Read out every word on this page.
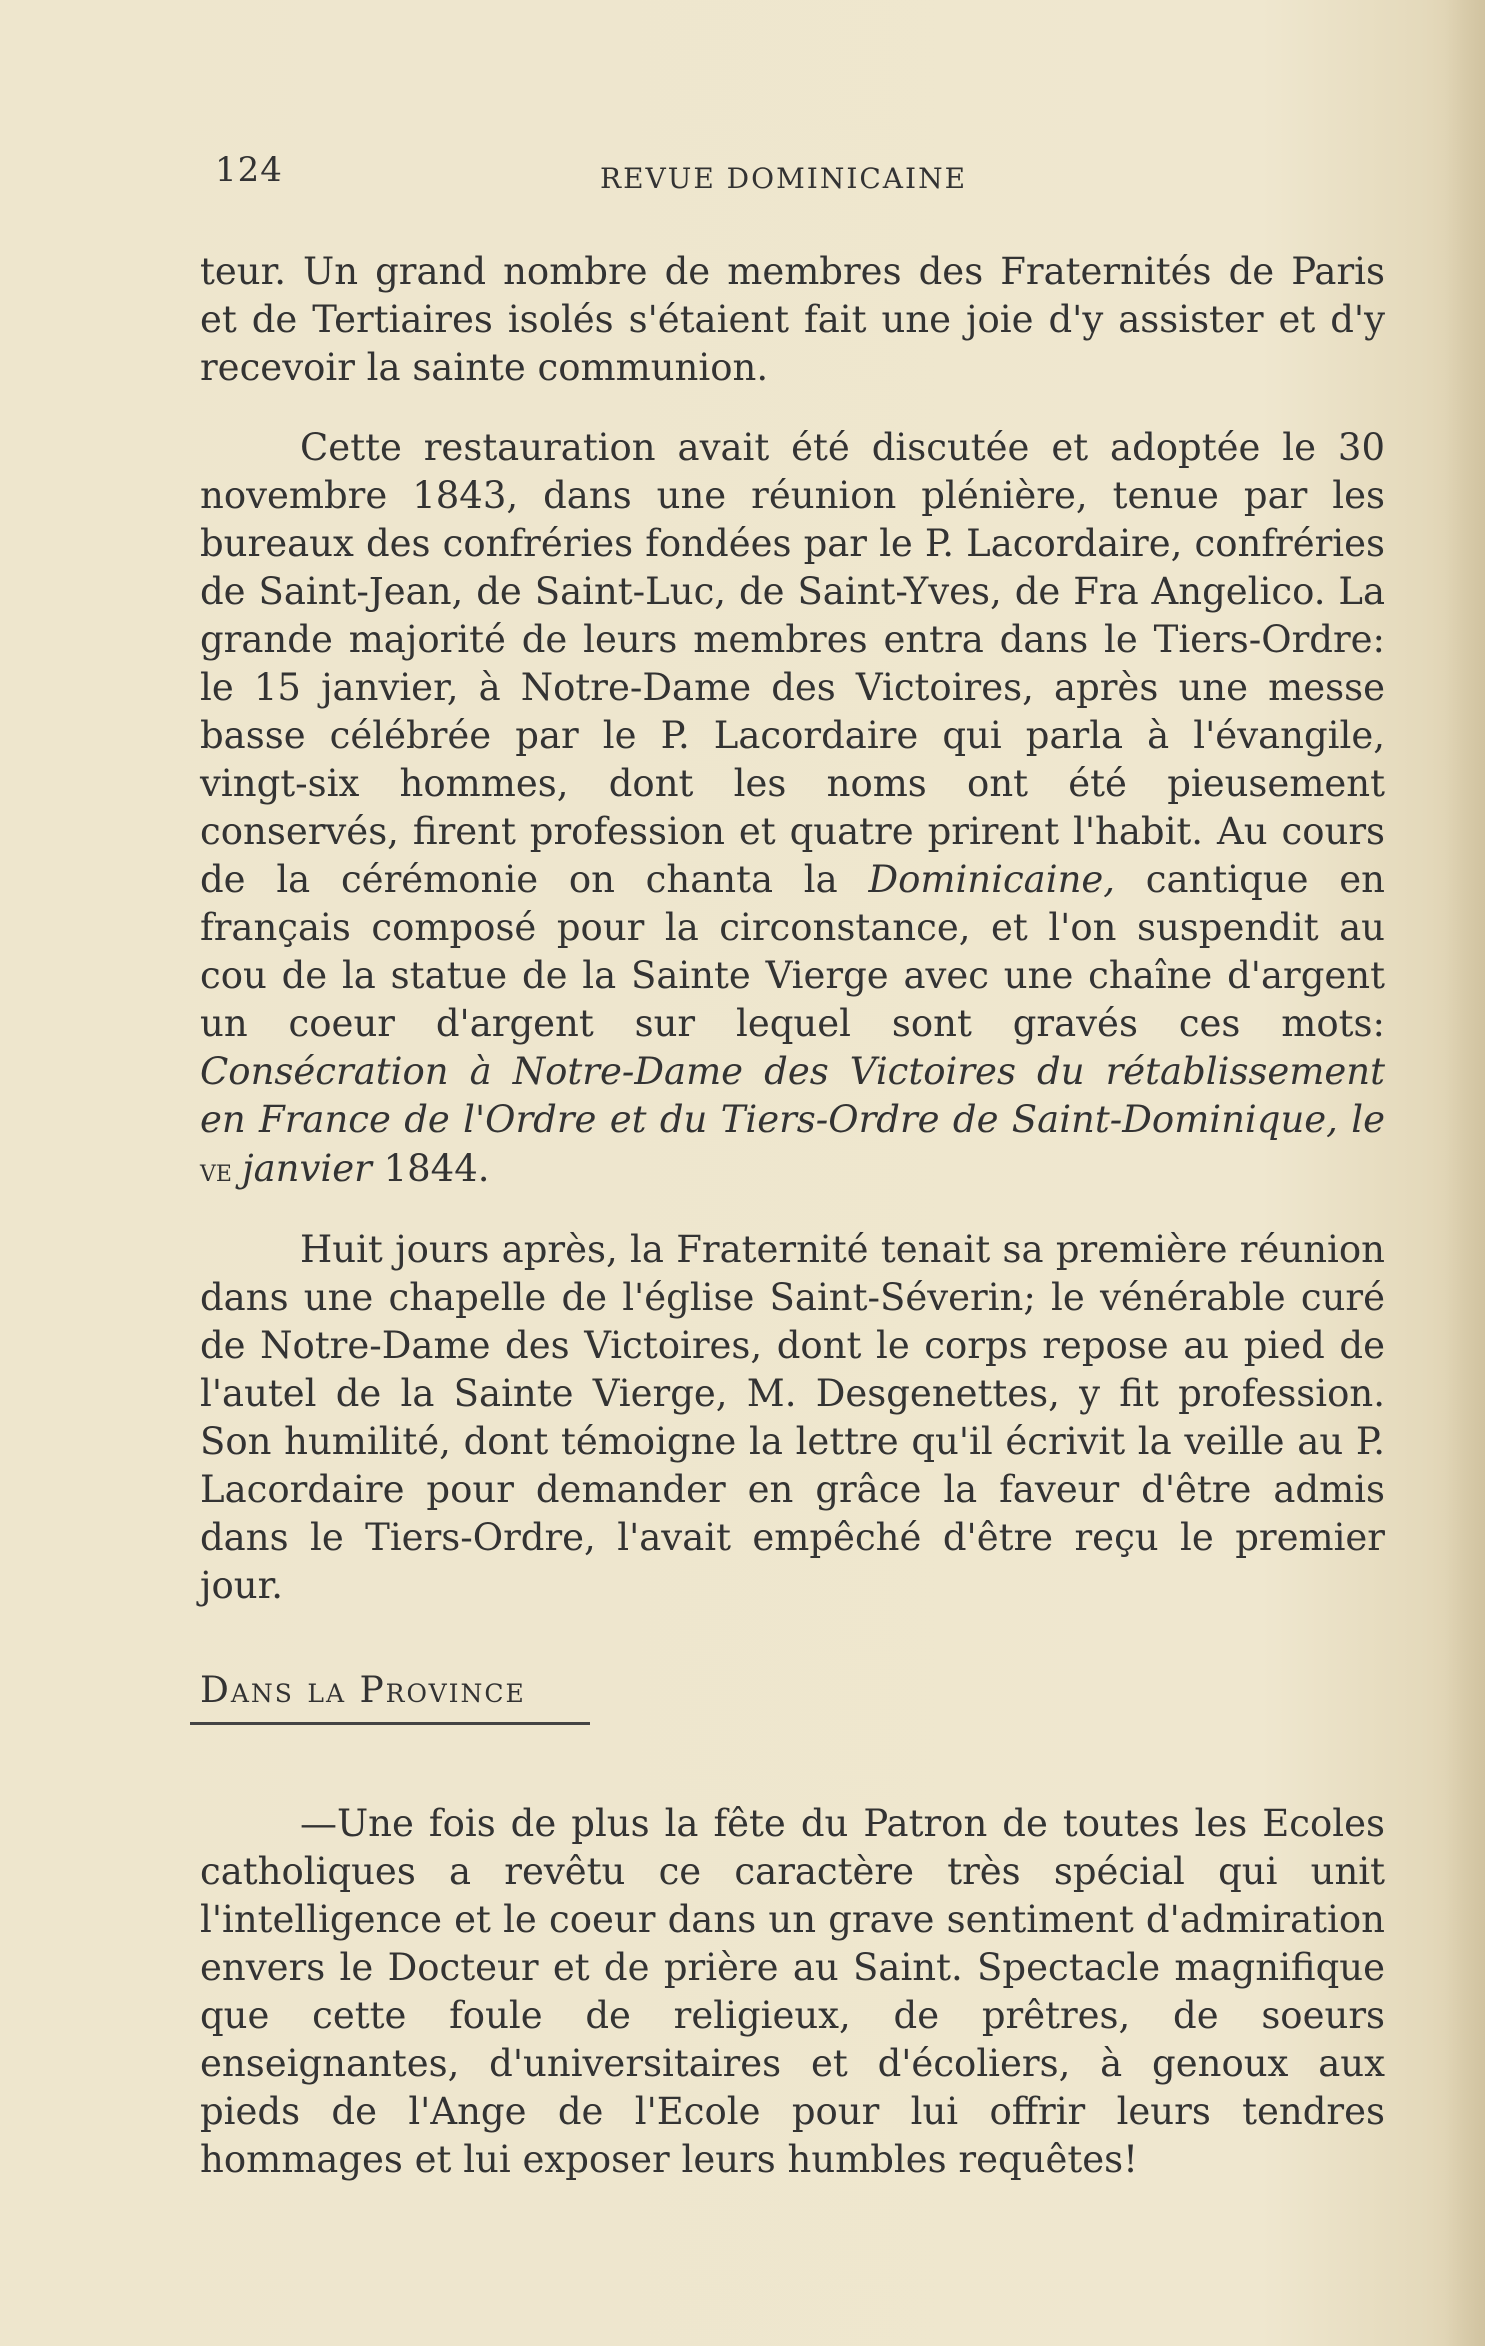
124	REVUE DOMINICAINE

teur. Un grand nombre de membres des Fraternités de Paris et de Tertiaires isolés s'étaient fait une joie d'y assister et d'y recevoir la sainte communion.

Cette restauration avait été discutée et adoptée le 30 novembre 1843, dans une réunion plénière, tenue par les bureaux des confréries fondées par le P. Lacordaire, confréries de Saint-Jean, de Saint-Luc, de Saint-Yves, de Fra Angelico. La grande majorité de leurs membres entra dans le Tiers-Ordre: le 15 janvier, à Notre-Dame des Victoires, après une messe basse célébrée par le P. Lacordaire qui parla à l'évangile, vingt-six hommes, dont les noms ont été pieusement conservés, firent profession et quatre prirent l'habit. Au cours de la cérémonie on chanta la Dominicaine, cantique en français composé pour la circonstance, et l'on suspendit au cou de la statue de la Sainte Vierge avec une chaîne d'argent un coeur d'argent sur lequel sont gravés ces mots: Consécration à Notre-Dame des Victoires du rétablissement en France de l'Ordre et du Tiers-Ordre de Saint-Dominique, le ve janvier 1844.

Huit jours après, la Fraternité tenait sa première réunion dans une chapelle de l'église Saint-Séverin; le vénérable curé de Notre-Dame des Victoires, dont le corps repose au pied de l'autel de la Sainte Vierge, M. Desgenettes, y fit profession. Son humilité, dont témoigne la lettre qu'il écrivit la veille au P. Lacordaire pour demander en grâce la faveur d'être admis dans le Tiers-Ordre, l'avait empêché d'être reçu le premier jour.

Dans la Province

—Une fois de plus la fête du Patron de toutes les Ecoles catholiques a revêtu ce caractère très spécial qui unit l'intelligence et le coeur dans un grave sentiment d'admiration envers le Docteur et de prière au Saint. Spectacle magnifique que cette foule de religieux, de prêtres, de soeurs enseignantes, d'universitaires et d'écoliers, à genoux aux pieds de l'Ange de l'Ecole pour lui offrir leurs tendres hommages et lui exposer leurs humbles requêtes!
